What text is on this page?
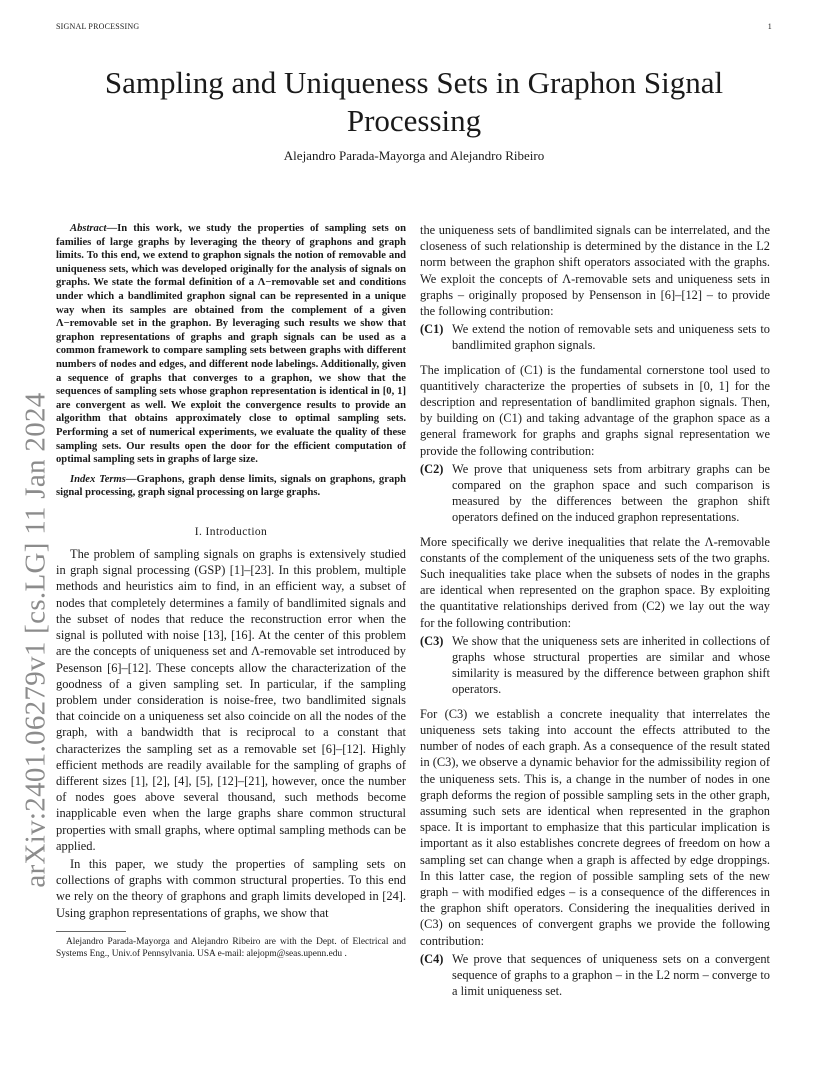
SIGNAL PROCESSING	1
arXiv:2401.06279v1 [cs.LG] 11 Jan 2024
Sampling and Uniqueness Sets in Graphon Signal Processing
Alejandro Parada-Mayorga and Alejandro Ribeiro

Abstract—In this work, we study the properties of sampling sets on families of large graphs by leveraging the theory of graphons and graph limits. To this end, we extend to graphon signals the notion of removable and uniqueness sets, which was developed originally for the analysis of signals on graphs. We state the formal definition of a Λ−removable set and conditions under which a bandlimited graphon signal can be represented in a unique way when its samples are obtained from the complement of a given Λ−removable set in the graphon. By leveraging such results we show that graphon representations of graphs and graph signals can be used as a common framework to compare sampling sets between graphs with different numbers of nodes and edges, and different node labelings. Additionally, given a sequence of graphs that converges to a graphon, we show that the sequences of sampling sets whose graphon representation is identical in [0, 1] are convergent as well. We exploit the convergence results to provide an algorithm that obtains approximately close to optimal sampling sets. Performing a set of numerical experiments, we evaluate the quality of these sampling sets. Our results open the door for the efficient computation of optimal sampling sets in graphs of large size.

Index Terms—Graphons, graph dense limits, signals on graphons, graph signal processing, graph signal processing on large graphs.

I. Introduction

The problem of sampling signals on graphs is extensively studied in graph signal processing (GSP) [1]–[23]. In this problem, multiple methods and heuristics aim to find, in an efficient way, a subset of nodes that completely determines a family of bandlimited signals and the subset of nodes that reduce the reconstruction error when the signal is polluted with noise [13], [16]. At the center of this problem are the concepts of uniqueness set and Λ-removable set introduced by Pesenson [6]–[12]. These concepts allow the characterization of the goodness of a given sampling set. In particular, if the sampling problem under consideration is noise-free, two bandlimited signals that coincide on a uniqueness set also coincide on all the nodes of the graph, with a bandwidth that is reciprocal to a constant that characterizes the sampling set as a removable set [6]–[12]. Highly efficient methods are readily available for the sampling of graphs of different sizes [1], [2], [4], [5], [12]–[21], however, once the number of nodes goes above several thousand, such methods become inapplicable even when the large graphs share common structural properties with small graphs, where optimal sampling methods can be applied.

In this paper, we study the properties of sampling sets on collections of graphs with common structural properties. To this end we rely on the theory of graphons and graph limits developed in [24]. Using graphon representations of graphs, we show that

Alejandro Parada-Mayorga and Alejandro Ribeiro are with the Dept. of Electrical and Systems Eng., Univ.of Pennsylvania. USA e-mail: alejopm@seas.upenn.edu .

the uniqueness sets of bandlimited signals can be interrelated, and the closeness of such relationship is determined by the distance in the L2 norm between the graphon shift operators associated with the graphs. We exploit the concepts of Λ-removable sets and uniqueness sets in graphs – originally proposed by Pensenson in [6]–[12] – to provide the following contribution:

(C1) We extend the notion of removable sets and uniqueness sets to bandlimited graphon signals.

The implication of (C1) is the fundamental cornerstone tool used to quantitively characterize the properties of subsets in [0, 1] for the description and representation of bandlimited graphon signals. Then, by building on (C1) and taking advantage of the graphon space as a general framework for graphs and graphs signal representation we provide the following contribution:

(C2) We prove that uniqueness sets from arbitrary graphs can be compared on the graphon space and such comparison is measured by the differences between the graphon shift operators defined on the induced graphon representations.

More specifically we derive inequalities that relate the Λ-removable constants of the complement of the uniqueness sets of the two graphs. Such inequalities take place when the subsets of nodes in the graphs are identical when represented on the graphon space. By exploiting the quantitative relationships derived from (C2) we lay out the way for the following contribution:

(C3) We show that the uniqueness sets are inherited in collections of graphs whose structural properties are similar and whose similarity is measured by the difference between graphon shift operators.

For (C3) we establish a concrete inequality that interrelates the uniqueness sets taking into account the effects attributed to the number of nodes of each graph. As a consequence of the result stated in (C3), we observe a dynamic behavior for the admissibility region of the uniqueness sets. This is, a change in the number of nodes in one graph deforms the region of possible sampling sets in the other graph, assuming such sets are identical when represented in the graphon space. It is important to emphasize that this particular implication is important as it also establishes concrete degrees of freedom on how a sampling set can change when a graph is affected by edge droppings. In this latter case, the region of possible sampling sets of the new graph – with modified edges – is a consequence of the differences in the graphon shift operators. Considering the inequalities derived in (C3) on sequences of convergent graphs we provide the following contribution:

(C4) We prove that sequences of uniqueness sets on a convergent sequence of graphs to a graphon – in the L2 norm – converge to a limit uniqueness set.
